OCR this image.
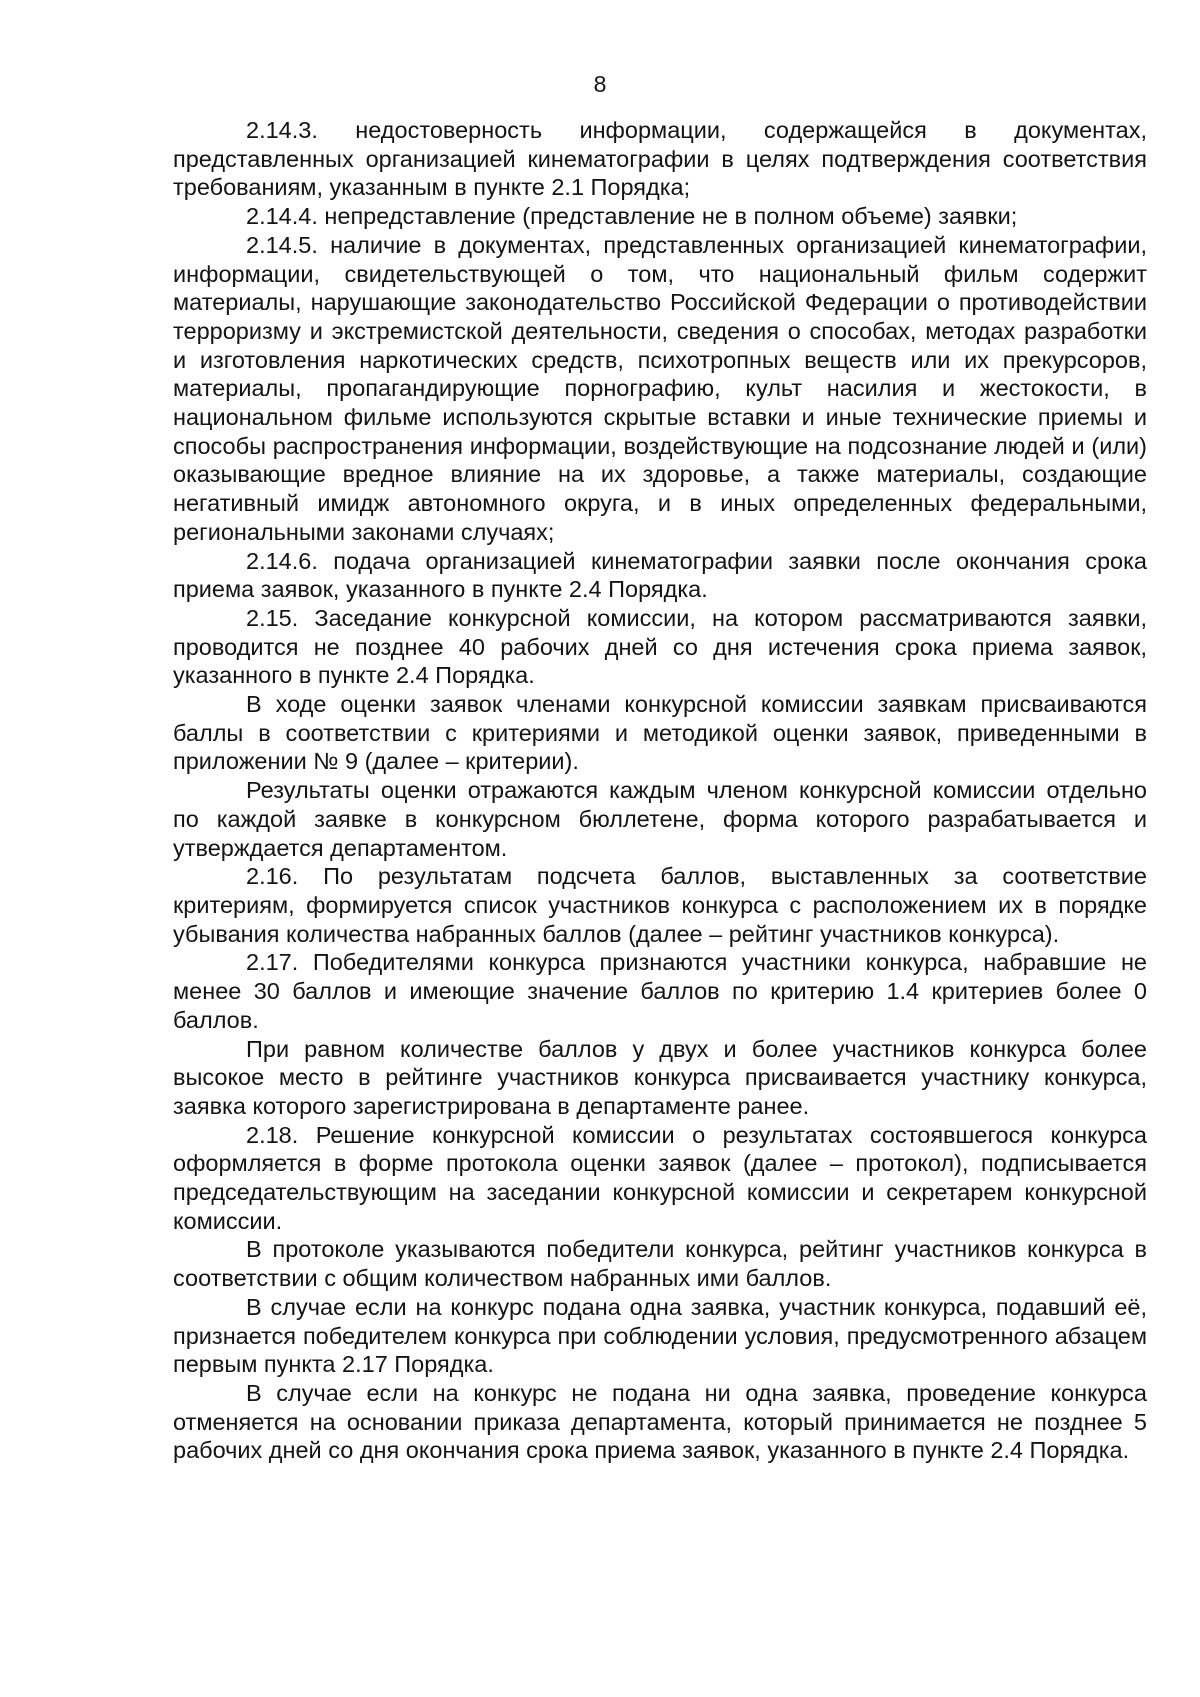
8

2.14.3. недостоверность информации, содержащейся в документах, представленных организацией кинематографии в целях подтверждения соответствия требованиям, указанным в пункте 2.1 Порядка;

2.14.4. непредставление (представление не в полном объеме) заявки;

2.14.5. наличие в документах, представленных организацией кинематографии, информации, свидетельствующей о том, что национальный фильм содержит материалы, нарушающие законодательство Российской Федерации о противодействии терроризму и экстремистской деятельности, сведения о способах, методах разработки и изготовления наркотических средств, психотропных веществ или их прекурсоров, материалы, пропагандирующие порнографию, культ насилия и жестокости, в национальном фильме используются скрытые вставки и иные технические приемы и способы распространения информации, воздействующие на подсознание людей и (или) оказывающие вредное влияние на их здоровье, а также материалы, создающие негативный имидж автономного округа, и в иных определенных федеральными, региональными законами случаях;

2.14.6. подача организацией кинематографии заявки после окончания срока приема заявок, указанного в пункте 2.4 Порядка.

2.15. Заседание конкурсной комиссии, на котором рассматриваются заявки, проводится не позднее 40 рабочих дней со дня истечения срока приема заявок, указанного в пункте 2.4 Порядка.

В ходе оценки заявок членами конкурсной комиссии заявкам присваиваются баллы в соответствии с критериями и методикой оценки заявок, приведенными в приложении № 9 (далее – критерии).

Результаты оценки отражаются каждым членом конкурсной комиссии отдельно по каждой заявке в конкурсном бюллетене, форма которого разрабатывается и утверждается департаментом.

2.16. По результатам подсчета баллов, выставленных за соответствие критериям, формируется список участников конкурса с расположением их в порядке убывания количества набранных баллов (далее – рейтинг участников конкурса).

2.17. Победителями конкурса признаются участники конкурса, набравшие не менее 30 баллов и имеющие значение баллов по критерию 1.4 критериев более 0 баллов.

При равном количестве баллов у двух и более участников конкурса более высокое место в рейтинге участников конкурса присваивается участнику конкурса, заявка которого зарегистрирована в департаменте ранее.

2.18. Решение конкурсной комиссии о результатах состоявшегося конкурса оформляется в форме протокола оценки заявок (далее – протокол), подписывается председательствующим на заседании конкурсной комиссии и секретарем конкурсной комиссии.

В протоколе указываются победители конкурса, рейтинг участников конкурса в соответствии с общим количеством набранных ими баллов.

В случае если на конкурс подана одна заявка, участник конкурса, подавший её, признается победителем конкурса при соблюдении условия, предусмотренного абзацем первым пункта 2.17 Порядка.

В случае если на конкурс не подана ни одна заявка, проведение конкурса отменяется на основании приказа департамента, который принимается не позднее 5 рабочих дней со дня окончания срока приема заявок, указанного в пункте 2.4 Порядка.
